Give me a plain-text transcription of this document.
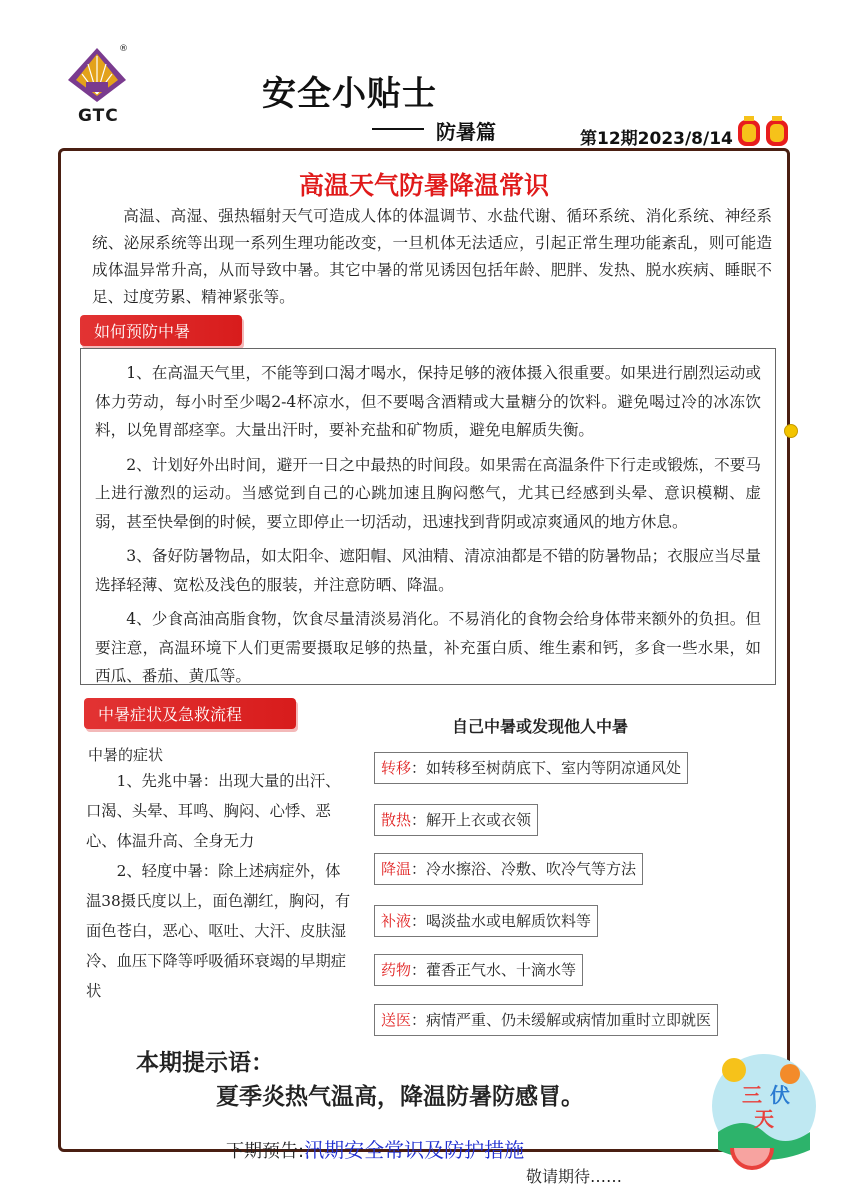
®
GTC
安全小贴士
防暑篇	第12期2023/8/14
高温天气防暑降温常识
高温、高湿、强热辐射天气可造成人体的体温调节、水盐代谢、循环系统、消化系统、神经系统、泌尿系统等出现一系列生理功能改变，一旦机体无法适应，引起正常生理功能紊乱，则可能造成体温异常升高，从而导致中暑。其它中暑的常见诱因包括年龄、肥胖、发热、脱水疾病、睡眠不足、过度劳累、精神紧张等。
如何预防中暑

1、在高温天气里，不能等到口渴才喝水，保持足够的液体摄入很重要。如果进行剧烈运动或体力劳动，每小时至少喝2-4杯凉水，但不要喝含酒精或大量糖分的饮料。避免喝过冷的冰冻饮料，以免胃部痉挛。大量出汗时，要补充盐和矿物质，避免电解质失衡。

2、计划好外出时间，避开一日之中最热的时间段。如果需在高温条件下行走或锻炼，不要马上进行激烈的运动。当感觉到自己的心跳加速且胸闷憋气，尤其已经感到头晕、意识模糊、虚弱，甚至快晕倒的时候，要立即停止一切活动，迅速找到背阴或凉爽通风的地方休息。

3、备好防暑物品，如太阳伞、遮阳帽、风油精、清凉油都是不错的防暑物品；衣服应当尽量选择轻薄、宽松及浅色的服装，并注意防晒、降温。

4、少食高油高脂食物，饮食尽量清淡易消化。不易消化的食物会给身体带来额外的负担。但要注意，高温环境下人们更需要摄取足够的热量，补充蛋白质、维生素和钙，多食一些水果，如西瓜、番茄、黄瓜等。

中暑症状及急救流程
中暑的症状

1、先兆中暑：出现大量的出汗、口渴、头晕、耳鸣、胸闷、心悸、恶心、体温升高、全身无力

2、轻度中暑：除上述病症外，体温38摄氏度以上，面色潮红，胸闷，有面色苍白，恶心、呕吐、大汗、皮肤湿冷、血压下降等呼吸循环衰竭的早期症状

自己中暑或发现他人中暑
转移：如转移至树荫底下、室内等阴凉通风处
散热：解开上衣或衣领
降温：冷水擦浴、冷敷、吹冷气等方法
补液：喝淡盐水或电解质饮料等
药物：藿香正气水、十滴水等
送医：病情严重、仍未缓解或病情加重时立即就医
本期提示语：
夏季炎热气温高，降温防暑防感冒。	三 伏
天
下期预告:汛期安全常识及防护措施
敬请期待……
